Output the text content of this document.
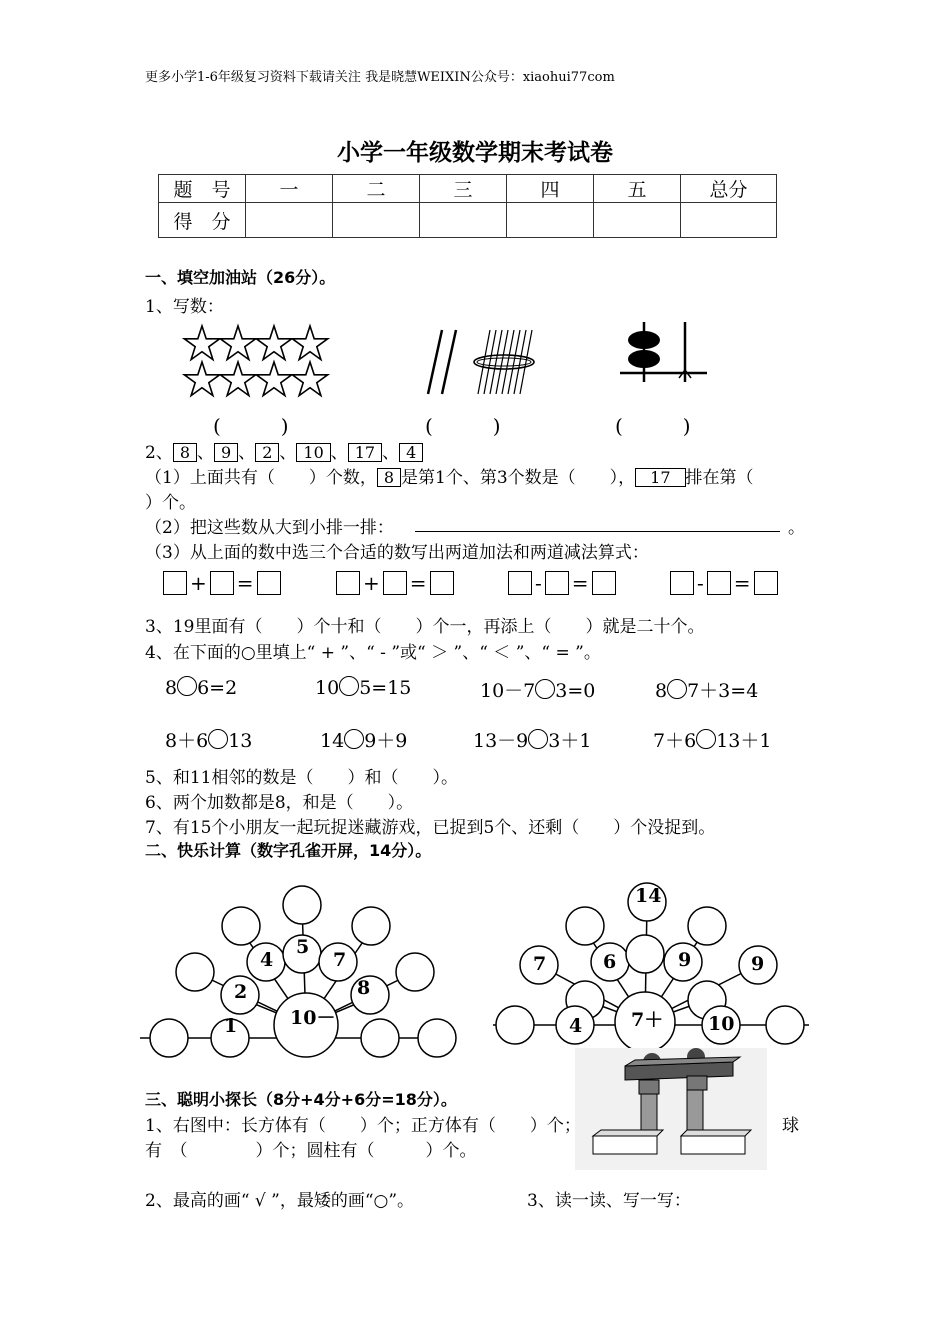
更多小学1-6年级复习资料下载请关注 我是晓慧WEIXIN公众号：xiaohui77com
小学一年级数学期末考试卷
题　号	一	二	三	四	五	总分
得　分						
一、填空加油站（26分）。
1、写数：
(　　　)	(　　　)	(　　　)
2、 8 、 9 、 2 、 10 、 17 、 4
（1）上面共有（　　）个数， 8 是第1个、第3个数是（　　）， 17 排在第（
）个。
（2）把这些数从大到小排一排：	。
（3）从上面的数中选三个合适的数写出两道加法和两道减法算式：
+ =	+ =	- =	- =
3、19里面有（　　）个十和（　　）个一，再添上（　　）就是二十个。
4、在下面的○里填上“ + ”、“ - ”或“ ＞ ”、“ ＜ ”、“ = ”。
8 6=2	10 5=15	10－7 3=0	8 7＋3=4
8＋6 13	14 9＋9	13－9 3＋1	7＋6 13＋1
5、和11相邻的数是（　　）和（　　）。
6、两个加数都是8，和是（　　）。
7、有15个小朋友一起玩捉迷藏游戏，已捉到5个、还剩（　　）个没捉到。
二、快乐计算（数字孔雀开屏，14分）。
10－
1
2
4
5
7
8
7＋
4
7	6
14
9	9
10
三、聪明小探长（8分+4分+6分=18分）。
1、右图中：长方体有（　　）个；正方体有（　　）个；	球
有　（　　　　）个；圆柱有（　　　）个。
2、最高的画“ √ ”，最矮的画“○”。	3、读一读、写一写：
